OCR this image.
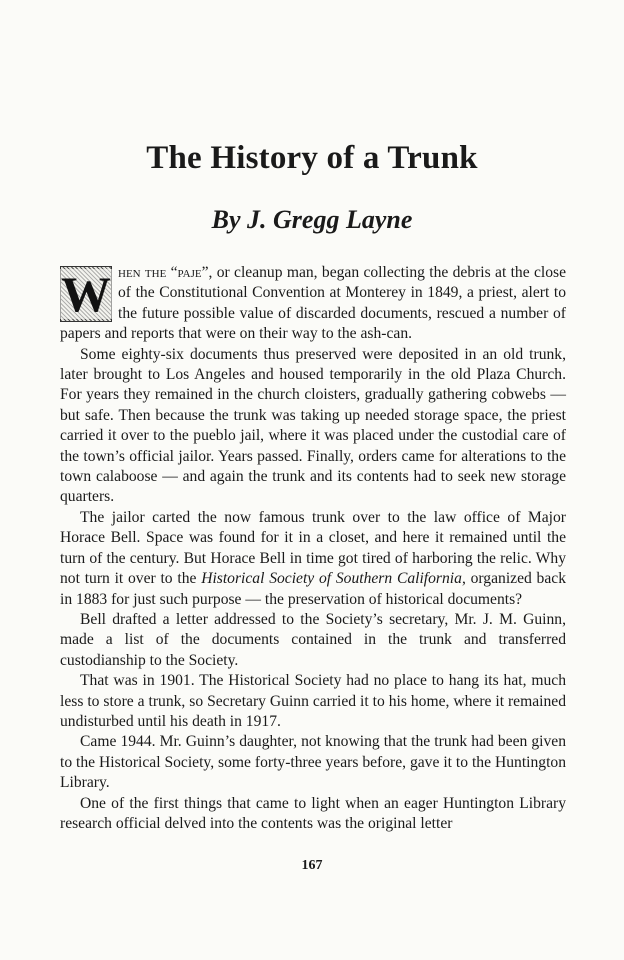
The History of a Trunk
By J. Gregg Layne

W hen the “paje”, or cleanup man, began collecting the debris at the close of the Constitutional Convention at Monterey in 1849, a priest, alert to the future possible value of discarded documents, rescued a number of papers and reports that were on their way to the ash-can.

Some eighty-six documents thus preserved were deposited in an old trunk, later brought to Los Angeles and housed temporarily in the old Plaza Church. For years they remained in the church cloisters, gradually gathering cobwebs — but safe. Then because the trunk was taking up needed storage space, the priest carried it over to the pueblo jail, where it was placed under the custodial care of the town’s official jailor. Years passed. Finally, orders came for alterations to the town calaboose — and again the trunk and its contents had to seek new storage quarters.

The jailor carted the now famous trunk over to the law office of Major Horace Bell. Space was found for it in a closet, and here it remained until the turn of the century. But Horace Bell in time got tired of harboring the relic. Why not turn it over to the Historical Society of Southern California, organized back in 1883 for just such purpose — the preservation of historical documents?

Bell drafted a letter addressed to the Society’s secretary, Mr. J. M. Guinn, made a list of the documents contained in the trunk and transferred custodianship to the Society.

That was in 1901. The Historical Society had no place to hang its hat, much less to store a trunk, so Secretary Guinn carried it to his home, where it remained undisturbed until his death in 1917.

Came 1944. Mr. Guinn’s daughter, not knowing that the trunk had been given to the Historical Society, some forty-three years before, gave it to the Huntington Library.

One of the first things that came to light when an eager Huntington Library research official delved into the contents was the original letter

167
